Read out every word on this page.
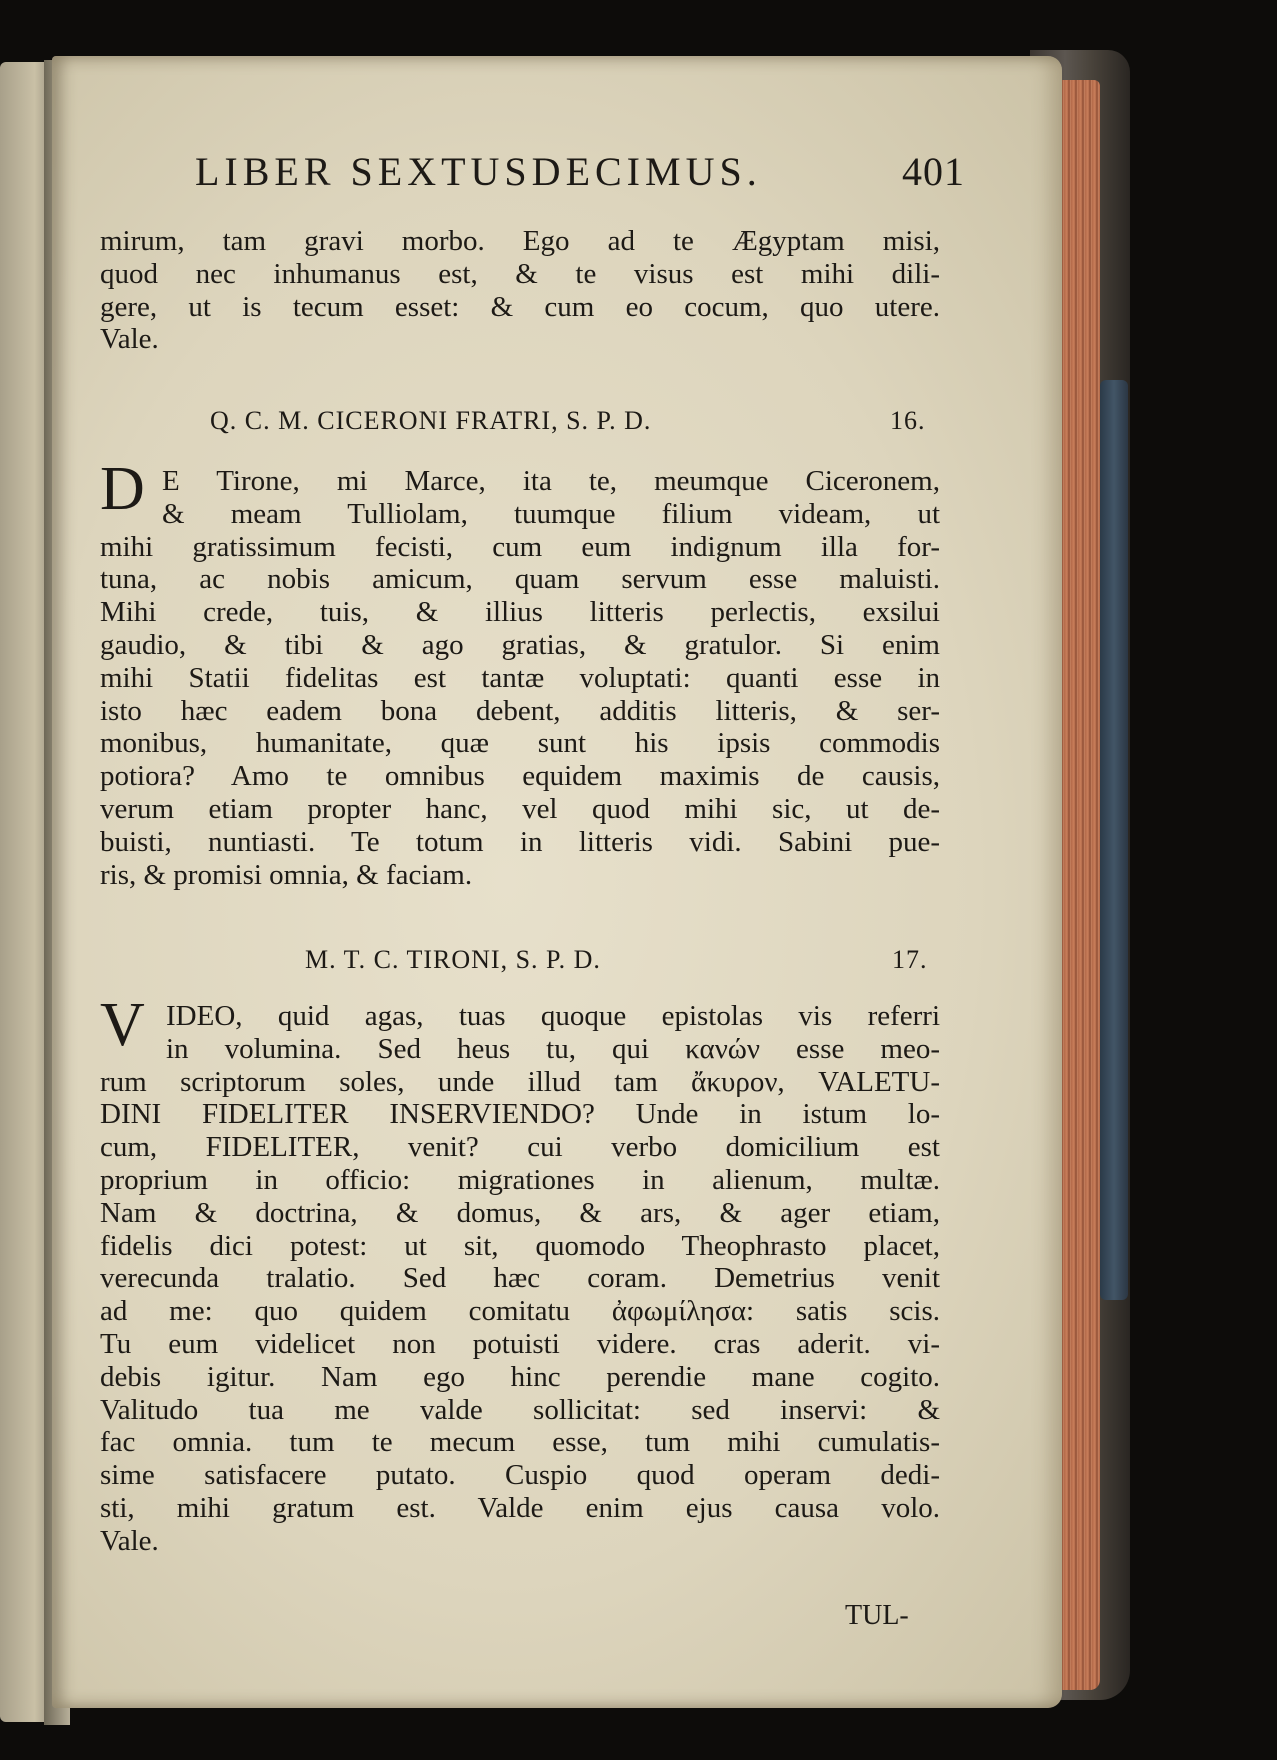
LIBER SEXTUSDECIMUS.	401
mirum, tam gravi morbo. Ego ad te Ægyptam misi,
quod nec inhumanus est, & te visus est mihi dili-
gere, ut is tecum esset: & cum eo cocum, quo utere.
Vale.
Q. C. M. CICERONI FRATRI, S. P. D.	16.
D E Tirone, mi Marce, ita te, meumque Ciceronem,
& meam Tulliolam, tuumque filium videam, ut
mihi gratissimum fecisti, cum eum indignum illa for-
tuna, ac nobis amicum, quam servum esse maluisti.
Mihi crede, tuis, & illius litteris perlectis, exsilui
gaudio, & tibi & ago gratias, & gratulor. Si enim
mihi Statii fidelitas est tantæ voluptati: quanti esse in
isto hæc eadem bona debent, additis litteris, & ser-
monibus, humanitate, quæ sunt his ipsis commodis
potiora? Amo te omnibus equidem maximis de causis,
verum etiam propter hanc, vel quod mihi sic, ut de-
buisti, nuntiasti. Te totum in litteris vidi. Sabini pue-
ris, & promisi omnia, & faciam.
M. T. C. TIRONI, S. P. D.	17.
V IDEO, quid agas, tuas quoque epistolas vis referri
in volumina. Sed heus tu, qui κανών esse meo-
rum scriptorum soles, unde illud tam ἄκυρον, VALETU-
DINI FIDELITER INSERVIENDO? Unde in istum lo-
cum, FIDELITER, venit? cui verbo domicilium est
proprium in officio: migrationes in alienum, multæ.
Nam & doctrina, & domus, & ars, & ager etiam,
fidelis dici potest: ut sit, quomodo Theophrasto placet,
verecunda tralatio. Sed hæc coram. Demetrius venit
ad me: quo quidem comitatu ἀφωμίλησα: satis scis.
Tu eum videlicet non potuisti videre. cras aderit. vi-
debis igitur. Nam ego hinc perendie mane cogito.
Valitudo tua me valde sollicitat: sed inservi: &
fac omnia. tum te mecum esse, tum mihi cumulatis-
sime satisfacere putato. Cuspio quod operam dedi-
sti, mihi gratum est. Valde enim ejus causa volo.
Vale.
TUL-
